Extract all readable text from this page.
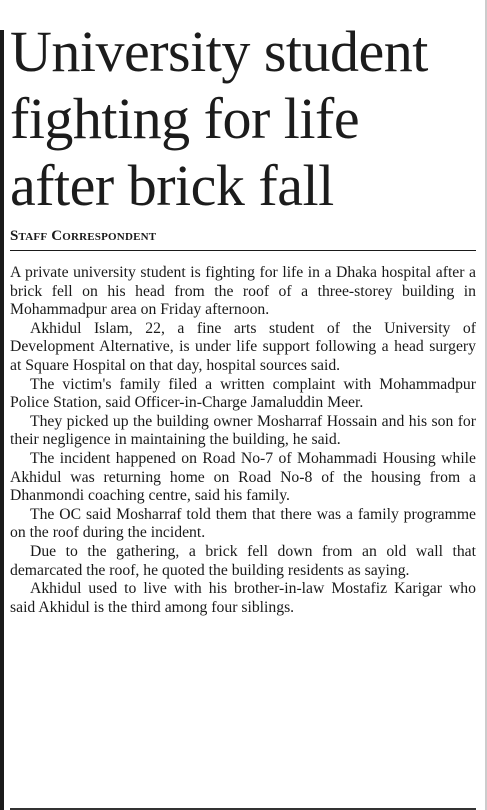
University student
fighting for life
after brick fall
Staff Correspondent

A private university student is fighting for life in a Dhaka hospital after a brick fell on his head from the roof of a three-storey building in Mohammadpur area on Friday afternoon.

Akhidul Islam, 22, a fine arts student of the University of Development Alternative, is under life support following a head surgery at Square Hospital on that day, hospital sources said.

The victim's family filed a written complaint with Mohammadpur Police Station, said Officer-in-Charge Jamaluddin Meer.

They picked up the building owner Mosharraf Hossain and his son for their negligence in maintaining the building, he said.

The incident happened on Road No-7 of Mohammadi Housing while Akhidul was returning home on Road No-8 of the housing from a Dhanmondi coaching centre, said his family.

The OC said Mosharraf told them that there was a family programme on the roof during the incident.

Due to the gathering, a brick fell down from an old wall that demarcated the roof, he quoted the building residents as saying.

Akhidul used to live with his brother-in-law Mostafiz Karigar who said Akhidul is the third among four siblings.
